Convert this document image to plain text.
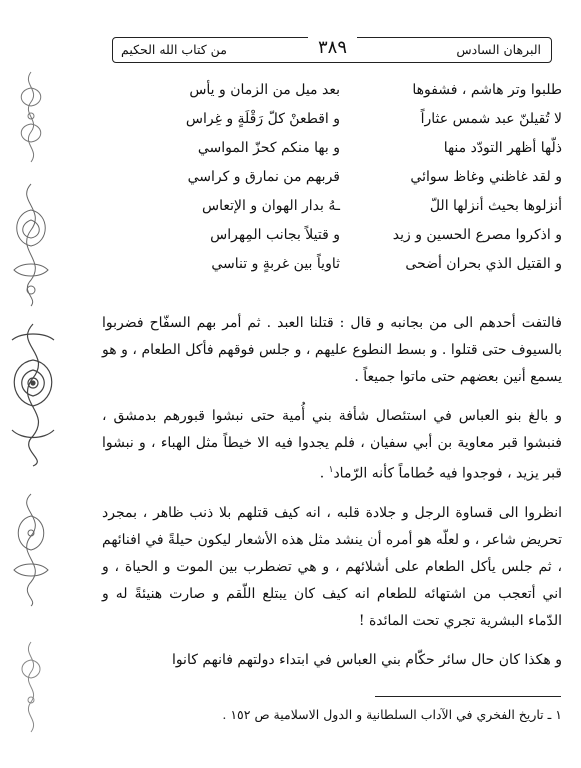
البرهان السادس
٣٨٩
من كتاب الله الحكيم
طلبوا وتر هاشم ، فشفوها
بعد ميل من الزمان و يأس
لا تُقيلنّ عبد شمس عثاراً
و اقطعنْ كلّ رَقْلَةٍ و غِراس
ذلّها أظهر التودّد منها
و بها منكم كحزّ المواسي
و لقد غاظني وغاظ سوائي
قربهم من نمارق و كراسي
أنزلوها بحيث أنزلها اللّ
ـهُ بدار الهوان و الإتعاس
و اذكروا مصرع الحسين و زيد
و قتيلاً بجانب المِهراس
و القتيل الذي بحران أضحى
ثاوياً بين غربةٍ و تناسي

فالتفت أحدهم الى من بجانبه و قال : قتلنا العبد . ثم أمر بهم السفّاح فضربوا بالسيوف حتى قتلوا . و بسط النطوع عليهم ، و جلس فوقهم فأكل الطعام ، و هو يسمع أنين بعضهم حتى ماتوا جميعاً .

و بالغ بنو العباس في استئصال شأفة بني أُمية حتى نبشوا قبورهم بدمشق ، فنبشوا قبر معاوية بن أبي سفيان ، فلم يجدوا فيه الا خيطاً مثل الهباء ، و نبشوا قبر يزيد ، فوجدوا فيه حُطاماً كأنه الرّماد$^١$ .

انظروا الى قساوة الرجل و جلادة قلبه ، انه كيف قتلهم بلا ذنب ظاهر ، بمجرد تحريض شاعر ، و لعلّه هو أمره أن ينشد مثل هذه الأشعار ليكون حيلةً في افنائهم ، ثم جلس يأكل الطعام على أشلائهم ، و هي تضطرب بين الموت و الحياة ، و اني أتعجب من اشتهائه للطعام انه كيف كان يبتلع اللّقم و صارت هنيئةً له و الدّماء البشرية تجري تحت المائدة !

و هكذا كان حال سائر حكّام بني العباس في ابتداء دولتهم فانهم كانوا

١ ـ تاريخ الفخري في الآداب السلطانية و الدول الاسلامية ص ١٥٢ .
